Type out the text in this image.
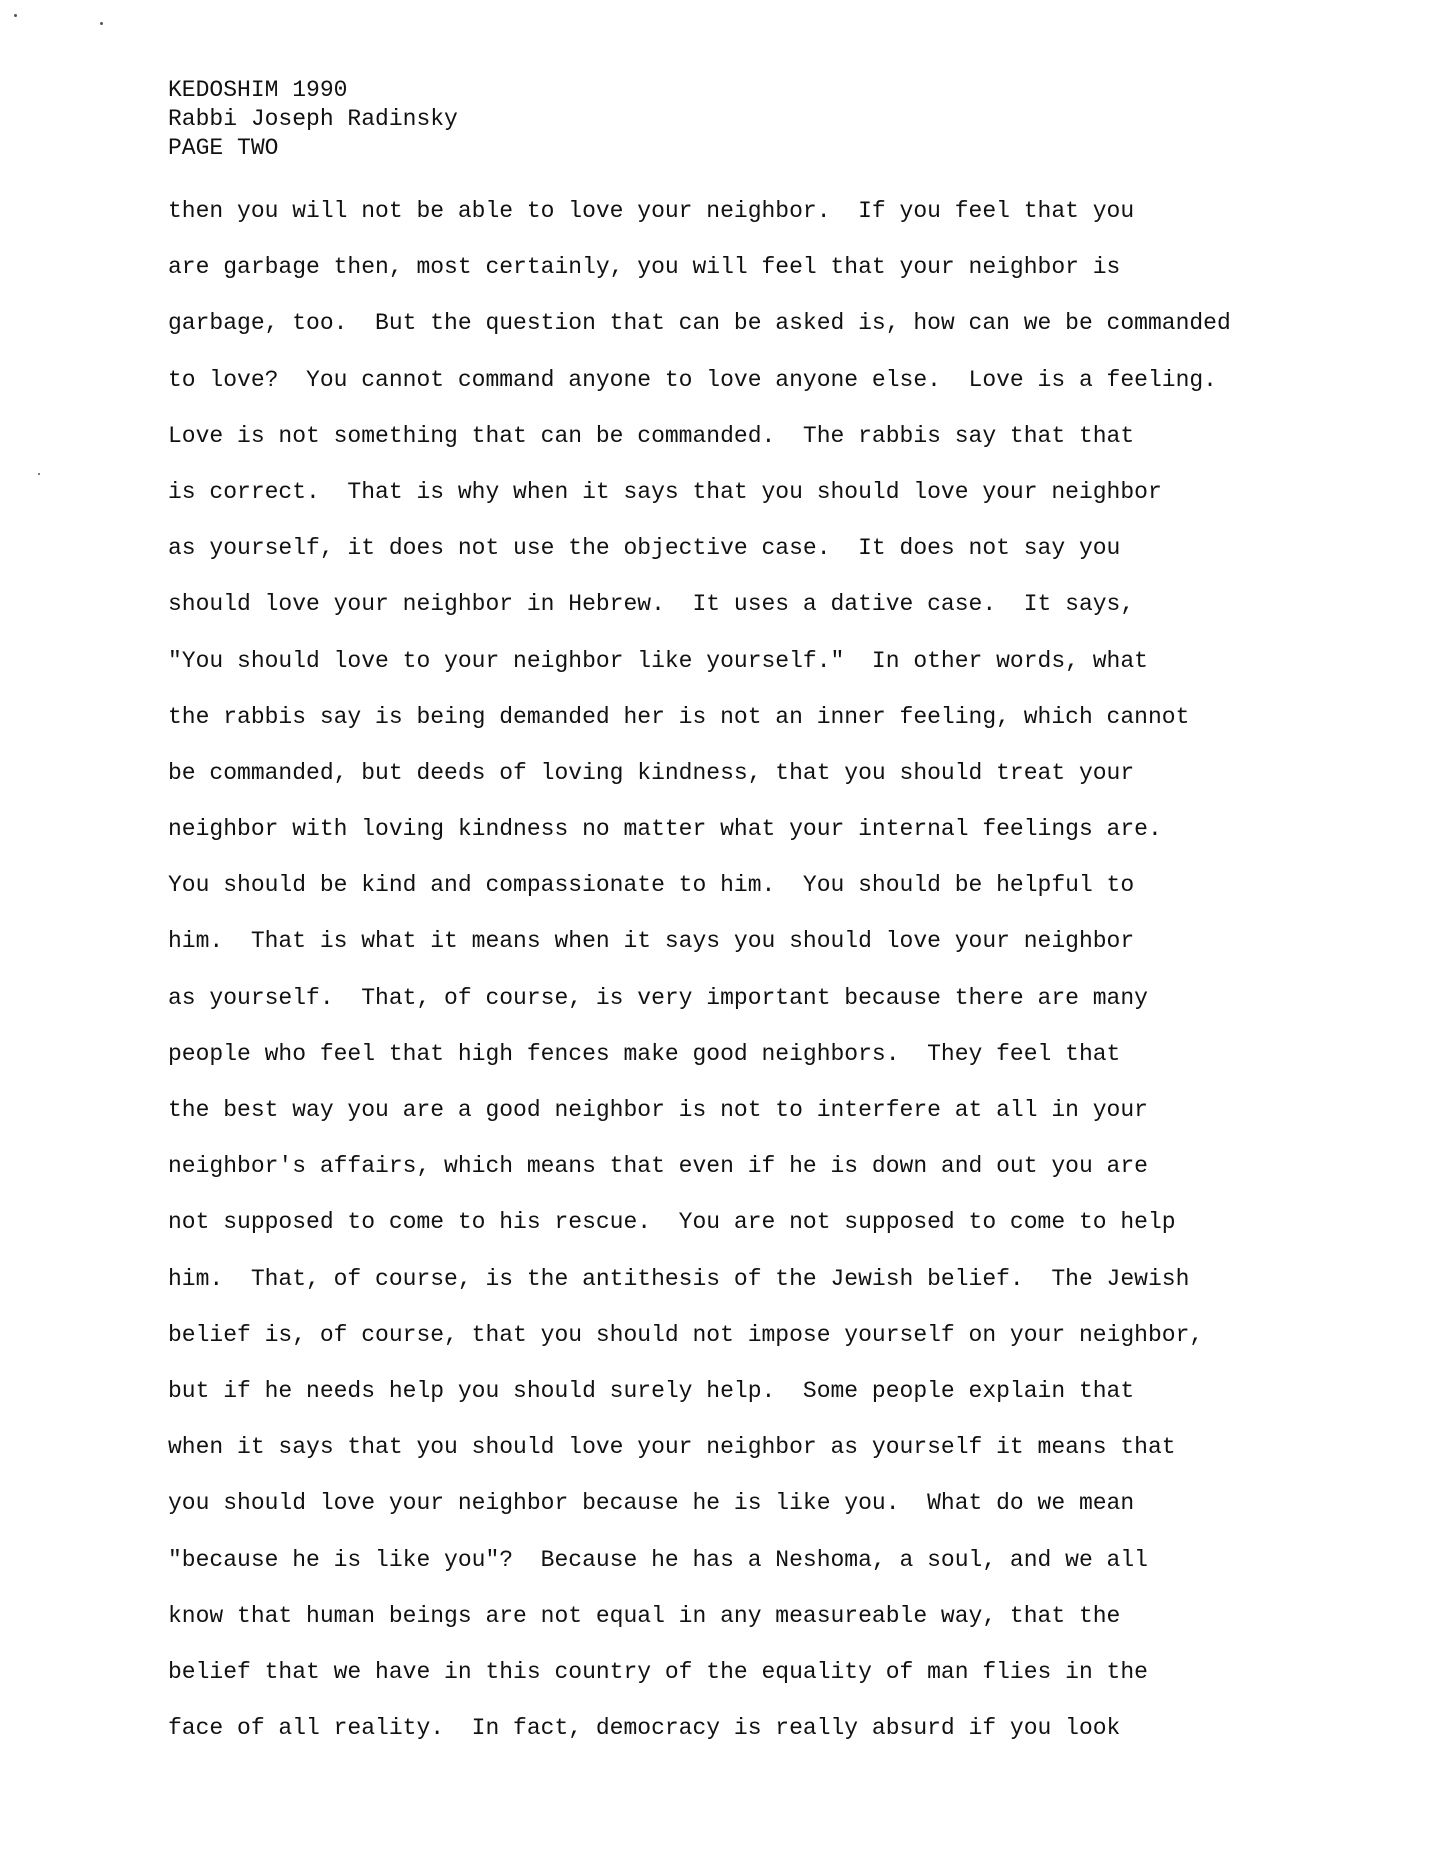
KEDOSHIM 1990
Rabbi Joseph Radinsky
PAGE TWO
then you will not be able to love your neighbor.  If you feel that you
are garbage then, most certainly, you will feel that your neighbor is
garbage, too.  But the question that can be asked is, how can we be commanded
to love?  You cannot command anyone to love anyone else.  Love is a feeling.
Love is not something that can be commanded.  The rabbis say that that
is correct.  That is why when it says that you should love your neighbor
as yourself, it does not use the objective case.  It does not say you
should love your neighbor in Hebrew.  It uses a dative case.  It says,
"You should love to your neighbor like yourself."  In other words, what
the rabbis say is being demanded her is not an inner feeling, which cannot
be commanded, but deeds of loving kindness, that you should treat your
neighbor with loving kindness no matter what your internal feelings are.
You should be kind and compassionate to him.  You should be helpful to
him.  That is what it means when it says you should love your neighbor
as yourself.  That, of course, is very important because there are many
people who feel that high fences make good neighbors.  They feel that
the best way you are a good neighbor is not to interfere at all in your
neighbor's affairs, which means that even if he is down and out you are
not supposed to come to his rescue.  You are not supposed to come to help
him.  That, of course, is the antithesis of the Jewish belief.  The Jewish
belief is, of course, that you should not impose yourself on your neighbor,
but if he needs help you should surely help.  Some people explain that
when it says that you should love your neighbor as yourself it means that
you should love your neighbor because he is like you.  What do we mean
"because he is like you"?  Because he has a Neshoma, a soul, and we all
know that human beings are not equal in any measureable way, that the
belief that we have in this country of the equality of man flies in the
face of all reality.  In fact, democracy is really absurd if you look
